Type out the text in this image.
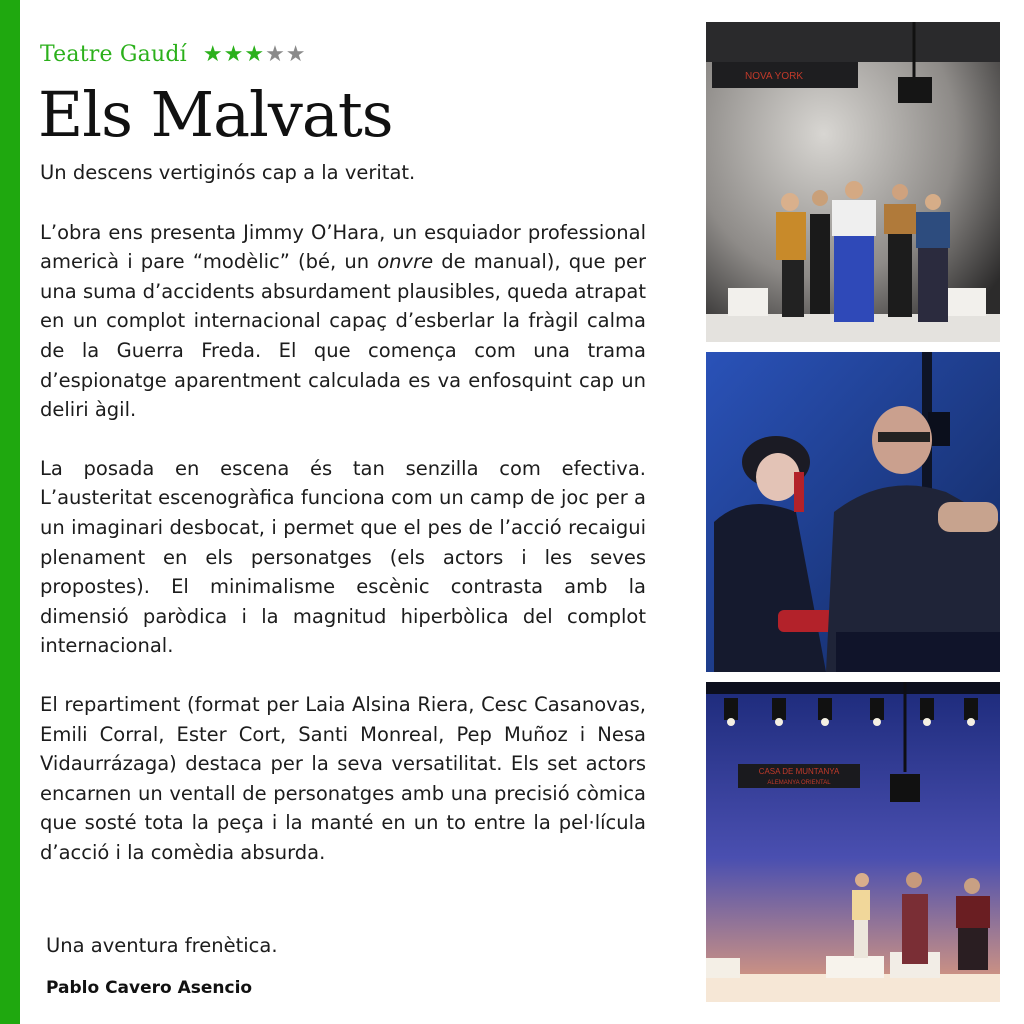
Teatre Gaudí ★★★★★
Els Malvats

Un descens vertiginós cap a la veritat.

L’obra ens presenta Jimmy O’Hara, un esquiador professional americà i pare “modèlic” (bé, un onvre de manual), que per una suma d’accidents absurdament plausibles, queda atrapat en un complot internacional capaç d’esberlar la fràgil calma de la Guerra Freda. El que comença com una trama d’espionatge aparentment calculada es va enfosquint cap un deliri àgil.

La posada en escena és tan senzilla com efectiva. L’austeritat escenogràfica funciona com un camp de joc per a un imaginari desbocat, i permet que el pes de l’acció recaigui plenament en els personatges (els actors i les seves propostes). El minimalisme escènic contrasta amb la dimensió paròdica i la magnitud hiperbòlica del complot internacional.

El repartiment (format per Laia Alsina Riera, Cesc Casanovas, Emili Corral, Ester Cort, Santi Monreal, Pep Muñoz i Nesa Vidaurrázaga) destaca per la seva versatilitat. Els set actors encarnen un ventall de personatges amb una precisió còmica que sosté tota la peça i la manté en un to entre la pel·lícula d’acció i la comèdia absurda.

Una aventura frenètica.

Pablo Cavero Asencio

NOVA YORK
CASA DE MUNTANYA
ALEMANYA ORIENTAL
